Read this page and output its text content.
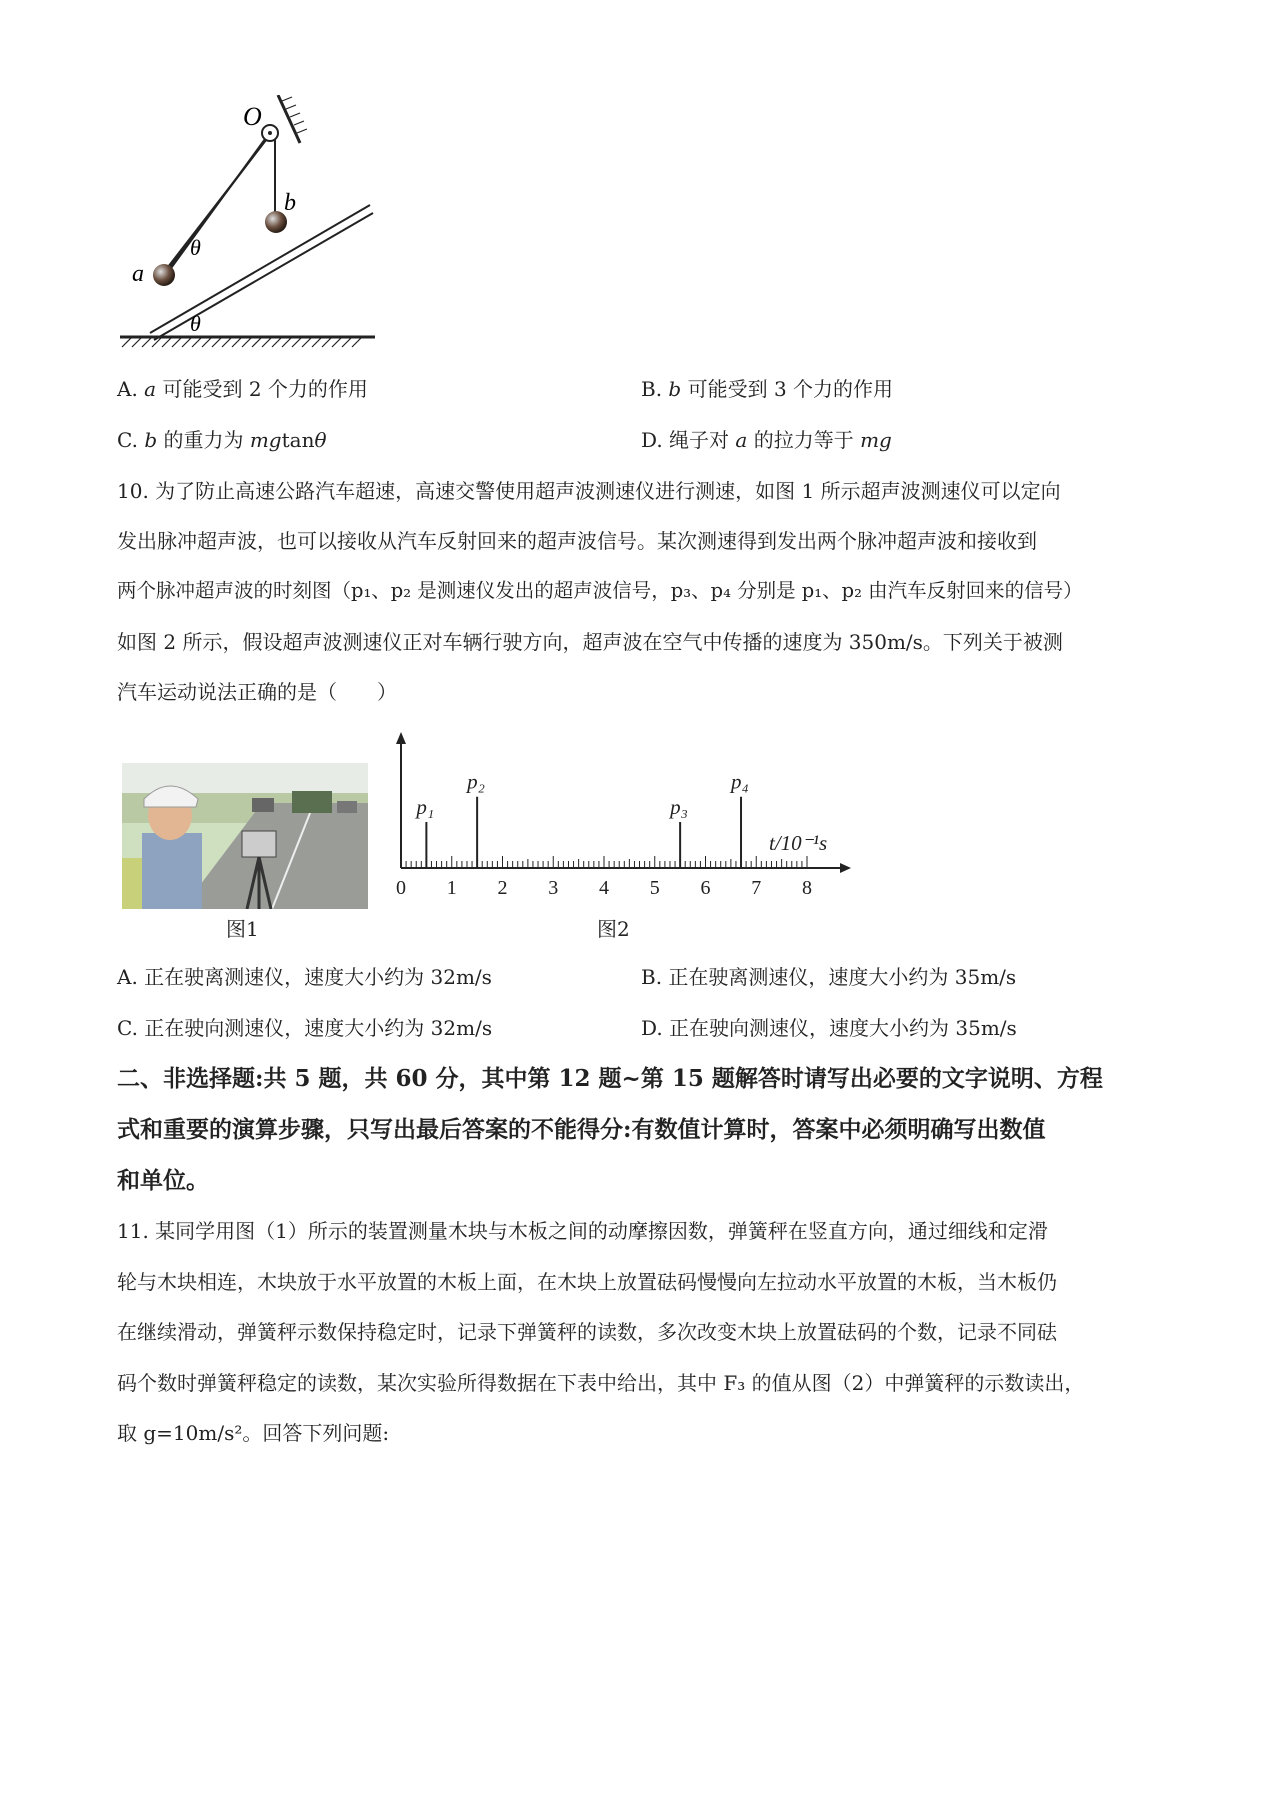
O
b
a
θ
θ
A. a 可能受到 2 个力的作用	B. b 可能受到 3 个力的作用
C. b 的重力为 mgtanθ	D. 绳子对 a 的拉力等于 mg
10. 为了防止高速公路汽车超速，高速交警使用超声波测速仪进行测速，如图 1 所示超声波测速仪可以定向
发出脉冲超声波，也可以接收从汽车反射回来的超声波信号。某次测速得到发出两个脉冲超声波和接收到
两个脉冲超声波的时刻图（p₁、p₂ 是测速仪发出的超声波信号，p₃、p₄ 分别是 p₁、p₂ 由汽车反射回来的信号）
如图 2 所示，假设超声波测速仪正对车辆行驶方向，超声波在空气中传播的速度为 350m/s。下列关于被测
汽车运动说法正确的是（　　）
图1
0 1 2 3 4 5 6 7 8
p₁
p₂
p₃
p₄
t/10⁻¹s
图2
A. 正在驶离测速仪，速度大小约为 32m/s	B. 正在驶离测速仪，速度大小约为 35m/s
C. 正在驶向测速仪，速度大小约为 32m/s	D. 正在驶向测速仪，速度大小约为 35m/s
二、非选择题:共 5 题，共 60 分，其中第 12 题~第 15 题解答时请写出必要的文字说明、方程
式和重要的演算步骤，只写出最后答案的不能得分:有数值计算时，答案中必须明确写出数值
和单位。
11. 某同学用图（1）所示的装置测量木块与木板之间的动摩擦因数，弹簧秤在竖直方向，通过细线和定滑
轮与木块相连，木块放于水平放置的木板上面，在木块上放置砝码慢慢向左拉动水平放置的木板，当木板仍
在继续滑动，弹簧秤示数保持稳定时，记录下弹簧秤的读数，多次改变木块上放置砝码的个数，记录不同砝
码个数时弹簧秤稳定的读数，某次实验所得数据在下表中给出，其中 F₃ 的值从图（2）中弹簧秤的示数读出，
取 g=10m/s²。回答下列问题:
